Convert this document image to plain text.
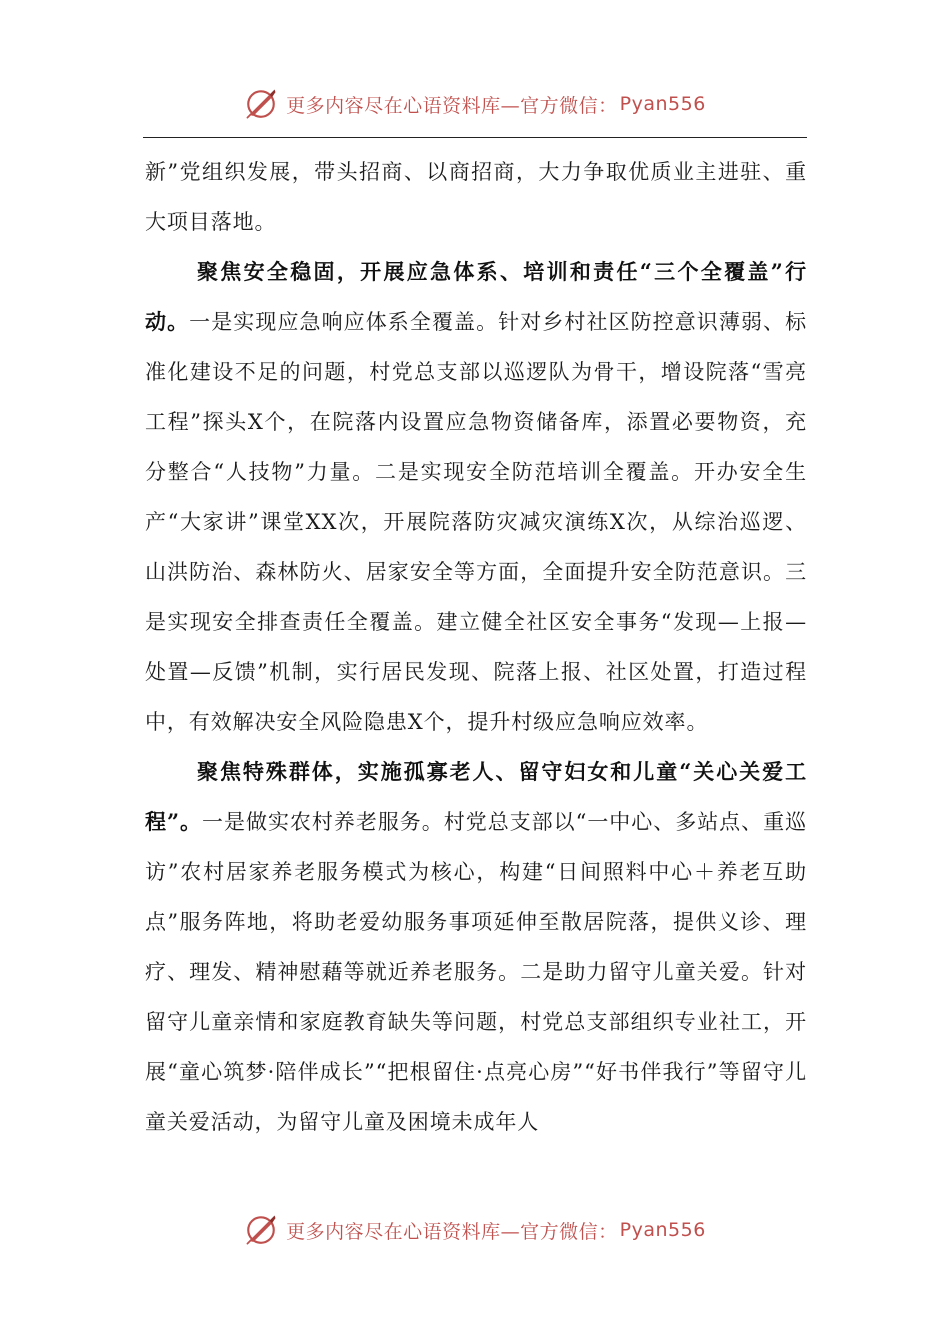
更多内容尽在心语资料库—官方微信： Pyan556

新”党组织发展，带头招商、以商招商，大力争取优质业主进驻、重大项目落地。

聚焦安全稳固，开展应急体系、培训和责任“三个全覆盖”行动。一是实现应急响应体系全覆盖。针对乡村社区防控意识薄弱、标准化建设不足的问题，村党总支部以巡逻队为骨干，增设院落“雪亮工程”探头X个，在院落内设置应急物资储备库，添置必要物资，充分整合“人技物”力量。二是实现安全防范培训全覆盖。开办安全生产“大家讲”课堂XX次，开展院落防灾减灾演练X次，从综治巡逻、山洪防治、森林防火、居家安全等方面，全面提升安全防范意识。三是实现安全排查责任全覆盖。建立健全社区安全事务“发现—上报—处置—反馈”机制，实行居民发现、院落上报、社区处置，打造过程中，有效解决安全风险隐患X个，提升村级应急响应效率。

聚焦特殊群体，实施孤寡老人、留守妇女和儿童“关心关爱工程”。一是做实农村养老服务。村党总支部以“一中心、多站点、重巡访”农村居家养老服务模式为核心，构建“日间照料中心＋养老互助点”服务阵地，将助老爱幼服务事项延伸至散居院落，提供义诊、理疗、理发、精神慰藉等就近养老服务。二是助力留守儿童关爱。针对留守儿童亲情和家庭教育缺失等问题，村党总支部组织专业社工，开展“童心筑梦·陪伴成长”“把根留住·点亮心房”“好书伴我行”等留守儿童关爱活动，为留守儿童及困境未成年人

更多内容尽在心语资料库—官方微信： Pyan556
